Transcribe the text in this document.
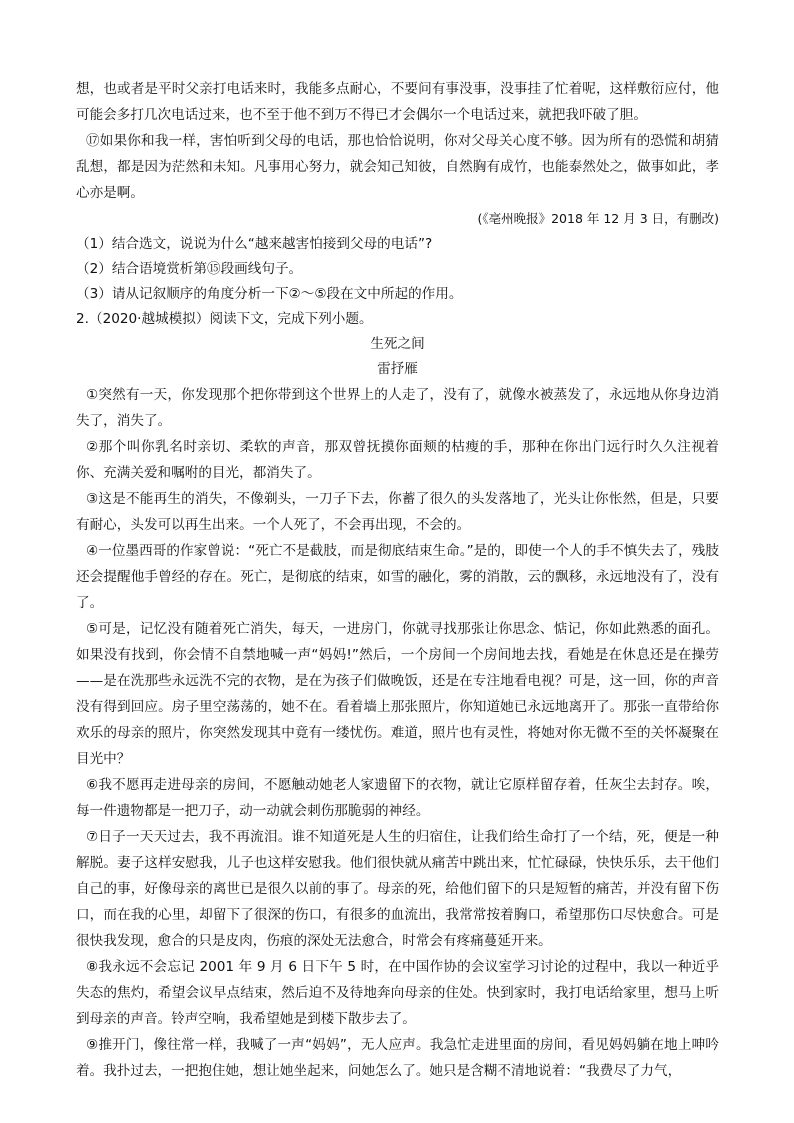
想，也或者是平时父亲打电话来时，我能多点耐心，不要问有事没事，没事挂了忙着呢，这样敷衍应付，他可能会多打几次电话过来，也不至于他不到万不得已才会偶尔一个电话过来，就把我吓破了胆。

⑰如果你和我一样，害怕听到父母的电话，那也恰恰说明，你对父母关心度不够。因为所有的恐慌和胡猜乱想，都是因为茫然和未知。凡事用心努力，就会知己知彼，自然胸有成竹，也能泰然处之，做事如此，孝心亦是啊。

(《亳州晚报》2018 年 12 月 3 日，有删改)

（1）结合选文，说说为什么“越来越害怕接到父母的电话”?

（2）结合语境赏析第⑮段画线句子。

（3）请从记叙顺序的角度分析一下②～⑤段在文中所起的作用。

2.（2020·越城模拟）阅读下文，完成下列小题。

生死之间

雷抒雁

①突然有一天，你发现那个把你带到这个世界上的人走了，没有了，就像水被蒸发了，永远地从你身边消失了，消失了。

②那个叫你乳名时亲切、柔软的声音，那双曾抚摸你面颊的枯瘦的手，那种在你出门远行时久久注视着你、充满关爱和嘱咐的目光，都消失了。

③这是不能再生的消失，不像剃头，一刀子下去，你蓄了很久的头发落地了，光头让你怅然，但是，只要有耐心，头发可以再生出来。一个人死了，不会再出现，不会的。

④一位墨西哥的作家曾说：“死亡不是截肢，而是彻底结束生命。”是的，即使一个人的手不慎失去了，残肢还会提醒他手曾经的存在。死亡，是彻底的结束，如雪的融化，雾的消散，云的飘移，永远地没有了，没有了。

⑤可是，记忆没有随着死亡消失，每天，一进房门，你就寻找那张让你思念、惦记，你如此熟悉的面孔。如果没有找到，你会情不自禁地喊一声“妈妈!”然后，一个房间一个房间地去找，看她是在休息还是在操劳——是在洗那些永远洗不完的衣物，是在为孩子们做晚饭，还是在专注地看电视？可是，这一回，你的声音没有得到回应。房子里空荡荡的，她不在。看着墙上那张照片，你知道她已永远地离开了。那张一直带给你欢乐的母亲的照片，你突然发现其中竟有一缕忧伤。难道，照片也有灵性，将她对你无微不至的关怀凝聚在目光中？

⑥我不愿再走进母亲的房间，不愿触动她老人家遗留下的衣物，就让它原样留存着，任灰尘去封存。唉，每一件遗物都是一把刀子，动一动就会刺伤那脆弱的神经。

⑦日子一天天过去，我不再流泪。谁不知道死是人生的归宿住，让我们给生命打了一个结，死，便是一种解脱。妻子这样安慰我，儿子也这样安慰我。他们很快就从痛苦中跳出来，忙忙碌碌，快快乐乐，去干他们自己的事，好像母亲的离世已是很久以前的事了。母亲的死，给他们留下的只是短暂的痛苦，并没有留下伤口，而在我的心里，却留下了很深的伤口，有很多的血流出，我常常按着胸口，希望那伤口尽快愈合。可是很快我发现，愈合的只是皮肉，伤痕的深处无法愈合，时常会有疼痛蔓延开来。

⑧我永远不会忘记 2001 年 9 月 6 日下午 5 时，在中国作协的会议室学习讨论的过程中，我以一种近乎失态的焦灼，希望会议早点结束，然后迫不及待地奔向母亲的住处。快到家时，我打电话给家里，想马上听到母亲的声音。铃声空响，我希望她是到楼下散步去了。

⑨推开门，像往常一样，我喊了一声“妈妈”，无人应声。我急忙走进里面的房间，看见妈妈躺在地上呻吟着。我扑过去，一把抱住她，想让她坐起来，问她怎么了。她只是含糊不清地说着：“我费尽了力气，
